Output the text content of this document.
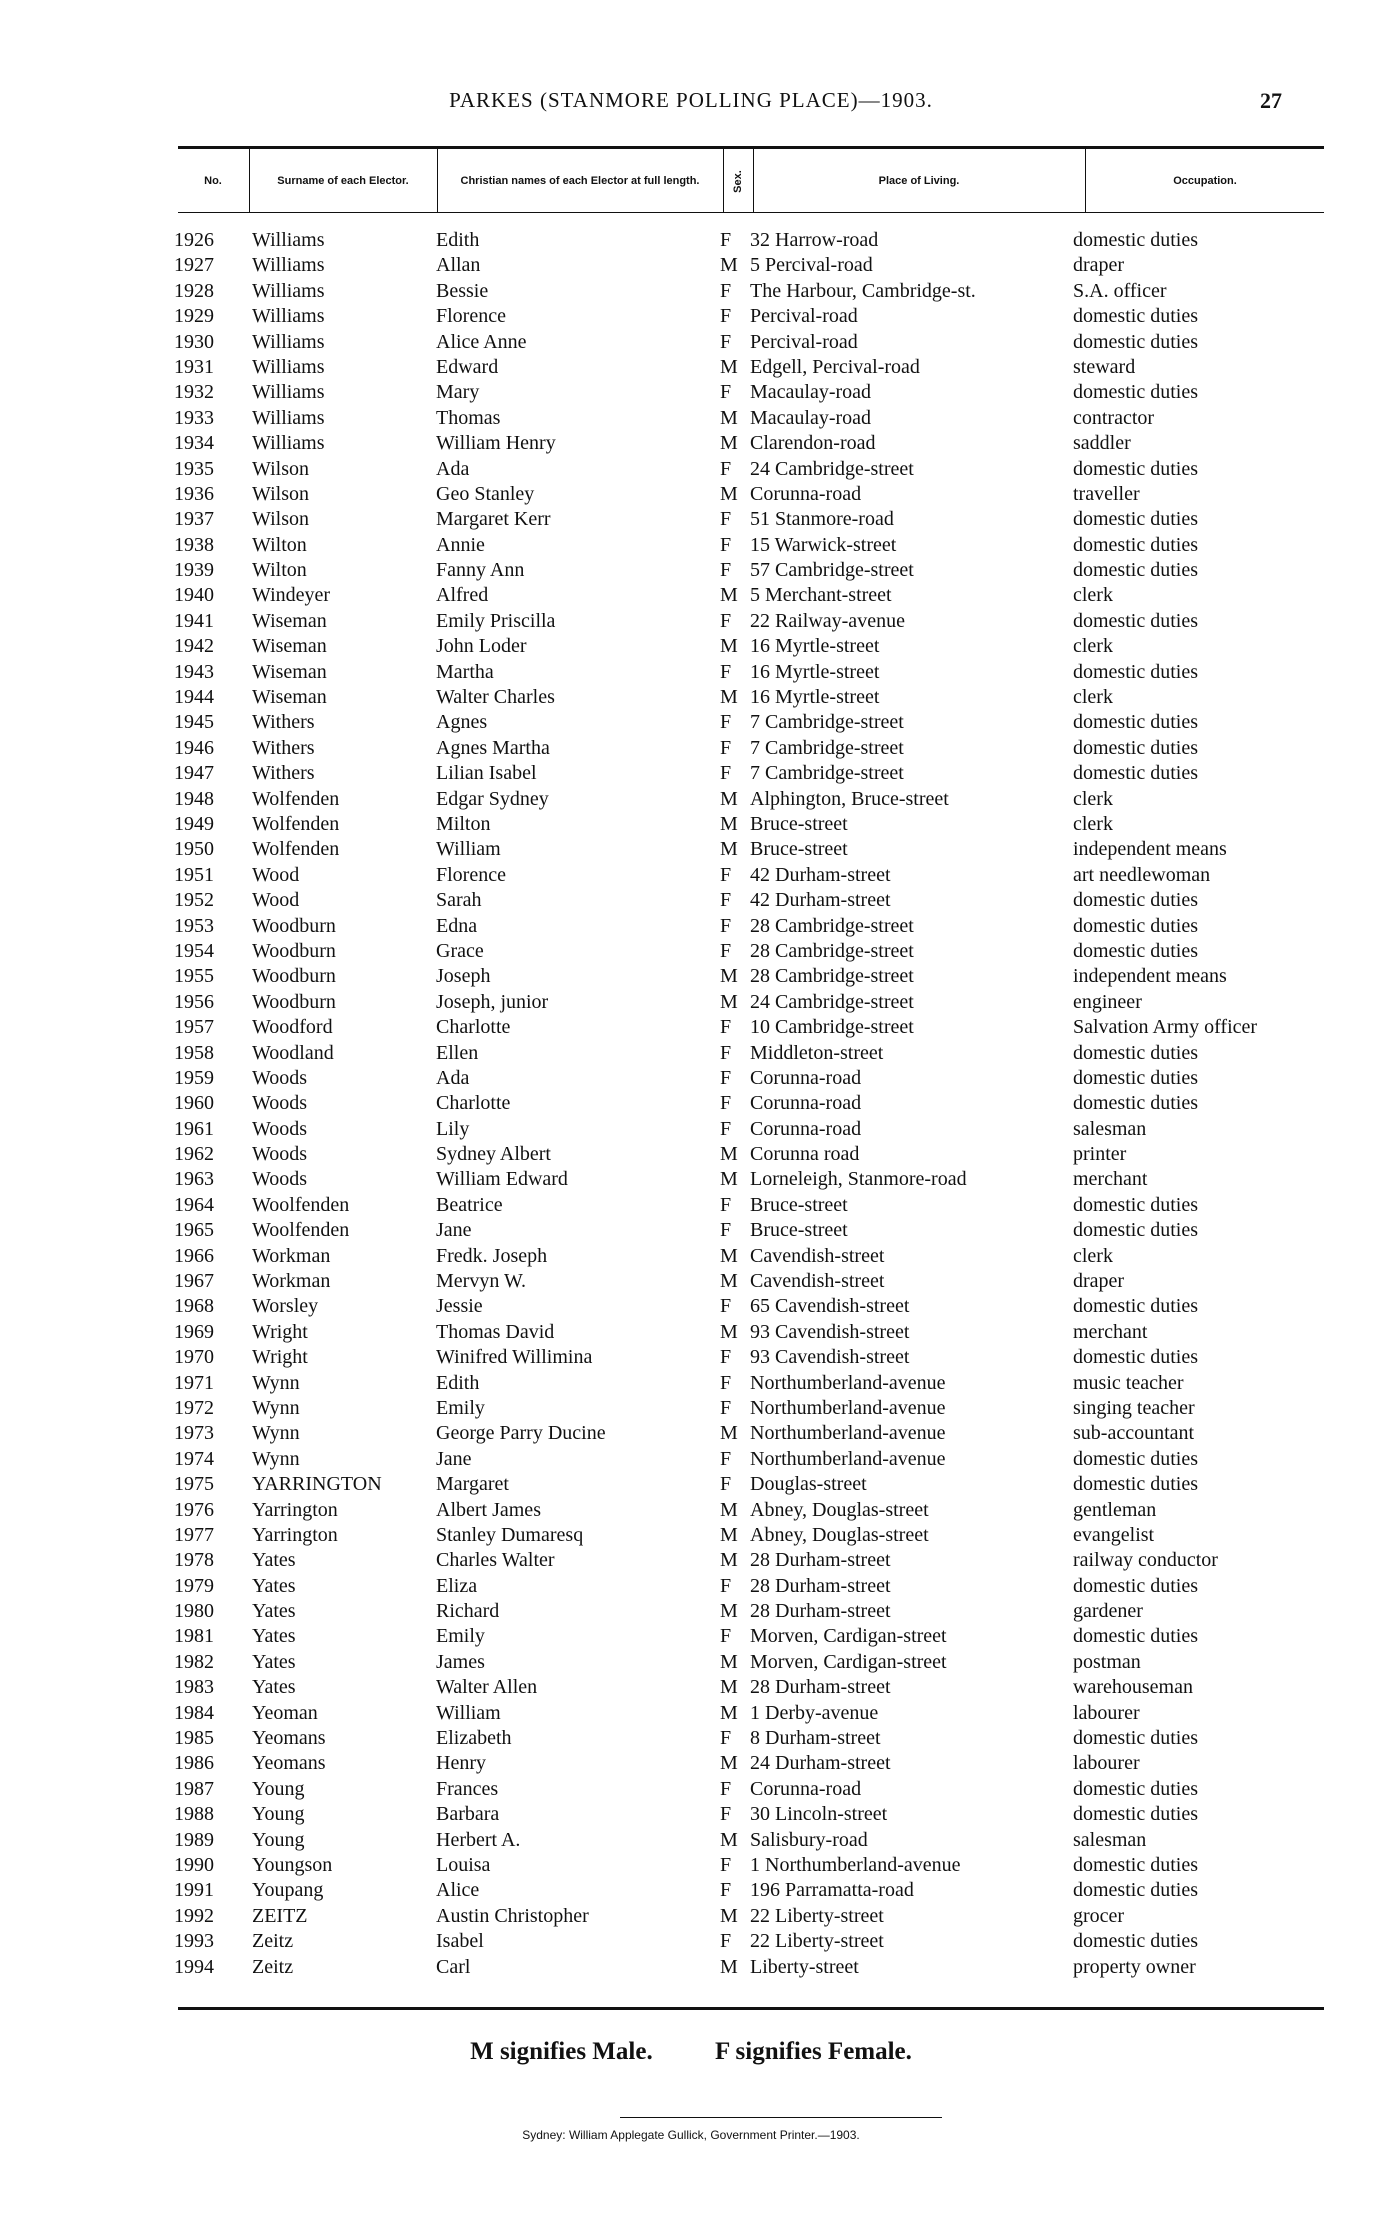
PARKES (STANMORE POLLING PLACE)—1903.	27
No.	Surname of each Elector.	Christian names of each Elector at full length.	Sex.	Place of Living.	Occupation.
1926 Williams	Edith	F 32 Harrow-road	domestic duties
1927 Williams	Allan	M 5 Percival-road	draper
1928 Williams	Bessie	F The Harbour, Cambridge-st.	S.A. officer
1929 Williams	Florence	F Percival-road	domestic duties
1930 Williams	Alice Anne	F Percival-road	domestic duties
1931 Williams	Edward	M Edgell, Percival-road	steward
1932 Williams	Mary	F Macaulay-road	domestic duties
1933 Williams	Thomas	M Macaulay-road	contractor
1934 Williams	William Henry	M Clarendon-road	saddler
1935 Wilson	Ada	F 24 Cambridge-street	domestic duties
1936 Wilson	Geo Stanley	M Corunna-road	traveller
1937 Wilson	Margaret Kerr	F 51 Stanmore-road	domestic duties
1938 Wilton	Annie	F 15 Warwick-street	domestic duties
1939 Wilton	Fanny Ann	F 57 Cambridge-street	domestic duties
1940 Windeyer	Alfred	M 5 Merchant-street	clerk
1941 Wiseman	Emily Priscilla	F 22 Railway-avenue	domestic duties
1942 Wiseman	John Loder	M 16 Myrtle-street	clerk
1943 Wiseman	Martha	F 16 Myrtle-street	domestic duties
1944 Wiseman	Walter Charles	M 16 Myrtle-street	clerk
1945 Withers	Agnes	F 7 Cambridge-street	domestic duties
1946 Withers	Agnes Martha	F 7 Cambridge-street	domestic duties
1947 Withers	Lilian Isabel	F 7 Cambridge-street	domestic duties
1948 Wolfenden	Edgar Sydney	M Alphington, Bruce-street	clerk
1949 Wolfenden	Milton	M Bruce-street	clerk
1950 Wolfenden	William	M Bruce-street	independent means
1951 Wood	Florence	F 42 Durham-street	art needlewoman
1952 Wood	Sarah	F 42 Durham-street	domestic duties
1953 Woodburn	Edna	F 28 Cambridge-street	domestic duties
1954 Woodburn	Grace	F 28 Cambridge-street	domestic duties
1955 Woodburn	Joseph	M 28 Cambridge-street	independent means
1956 Woodburn	Joseph, junior	M 24 Cambridge-street	engineer
1957 Woodford	Charlotte	F 10 Cambridge-street	Salvation Army officer
1958 Woodland	Ellen	F Middleton-street	domestic duties
1959 Woods	Ada	F Corunna-road	domestic duties
1960 Woods	Charlotte	F Corunna-road	domestic duties
1961 Woods	Lily	F Corunna-road	salesman
1962 Woods	Sydney Albert	M Corunna road	printer
1963 Woods	William Edward	M Lorneleigh, Stanmore-road	merchant
1964 Woolfenden	Beatrice	F Bruce-street	domestic duties
1965 Woolfenden	Jane	F Bruce-street	domestic duties
1966 Workman	Fredk. Joseph	M Cavendish-street	clerk
1967 Workman	Mervyn W.	M Cavendish-street	draper
1968 Worsley	Jessie	F 65 Cavendish-street	domestic duties
1969 Wright	Thomas David	M 93 Cavendish-street	merchant
1970 Wright	Winifred Willimina	F 93 Cavendish-street	domestic duties
1971 Wynn	Edith	F Northumberland-avenue	music teacher
1972 Wynn	Emily	F Northumberland-avenue	singing teacher
1973 Wynn	George Parry Ducine	M Northumberland-avenue	sub-accountant
1974 Wynn	Jane	F Northumberland-avenue	domestic duties
1975 YARRINGTON	Margaret	F Douglas-street	domestic duties
1976 Yarrington	Albert James	M Abney, Douglas-street	gentleman
1977 Yarrington	Stanley Dumaresq	M Abney, Douglas-street	evangelist
1978 Yates	Charles Walter	M 28 Durham-street	railway conductor
1979 Yates	Eliza	F 28 Durham-street	domestic duties
1980 Yates	Richard	M 28 Durham-street	gardener
1981 Yates	Emily	F Morven, Cardigan-street	domestic duties
1982 Yates	James	M Morven, Cardigan-street	postman
1983 Yates	Walter Allen	M 28 Durham-street	warehouseman
1984 Yeoman	William	M 1 Derby-avenue	labourer
1985 Yeomans	Elizabeth	F 8 Durham-street	domestic duties
1986 Yeomans	Henry	M 24 Durham-street	labourer
1987 Young	Frances	F Corunna-road	domestic duties
1988 Young	Barbara	F 30 Lincoln-street	domestic duties
1989 Young	Herbert A.	M Salisbury-road	salesman
1990 Youngson	Louisa	F 1 Northumberland-avenue	domestic duties
1991 Youpang	Alice	F 196 Parramatta-road	domestic duties
1992 ZEITZ	Austin Christopher	M 22 Liberty-street	grocer
1993 Zeitz	Isabel	F 22 Liberty-street	domestic duties
1994 Zeitz	Carl	M Liberty-street	property owner
M signifies Male. F signifies Female.
Sydney: William Applegate Gullick, Government Printer.—1903.
